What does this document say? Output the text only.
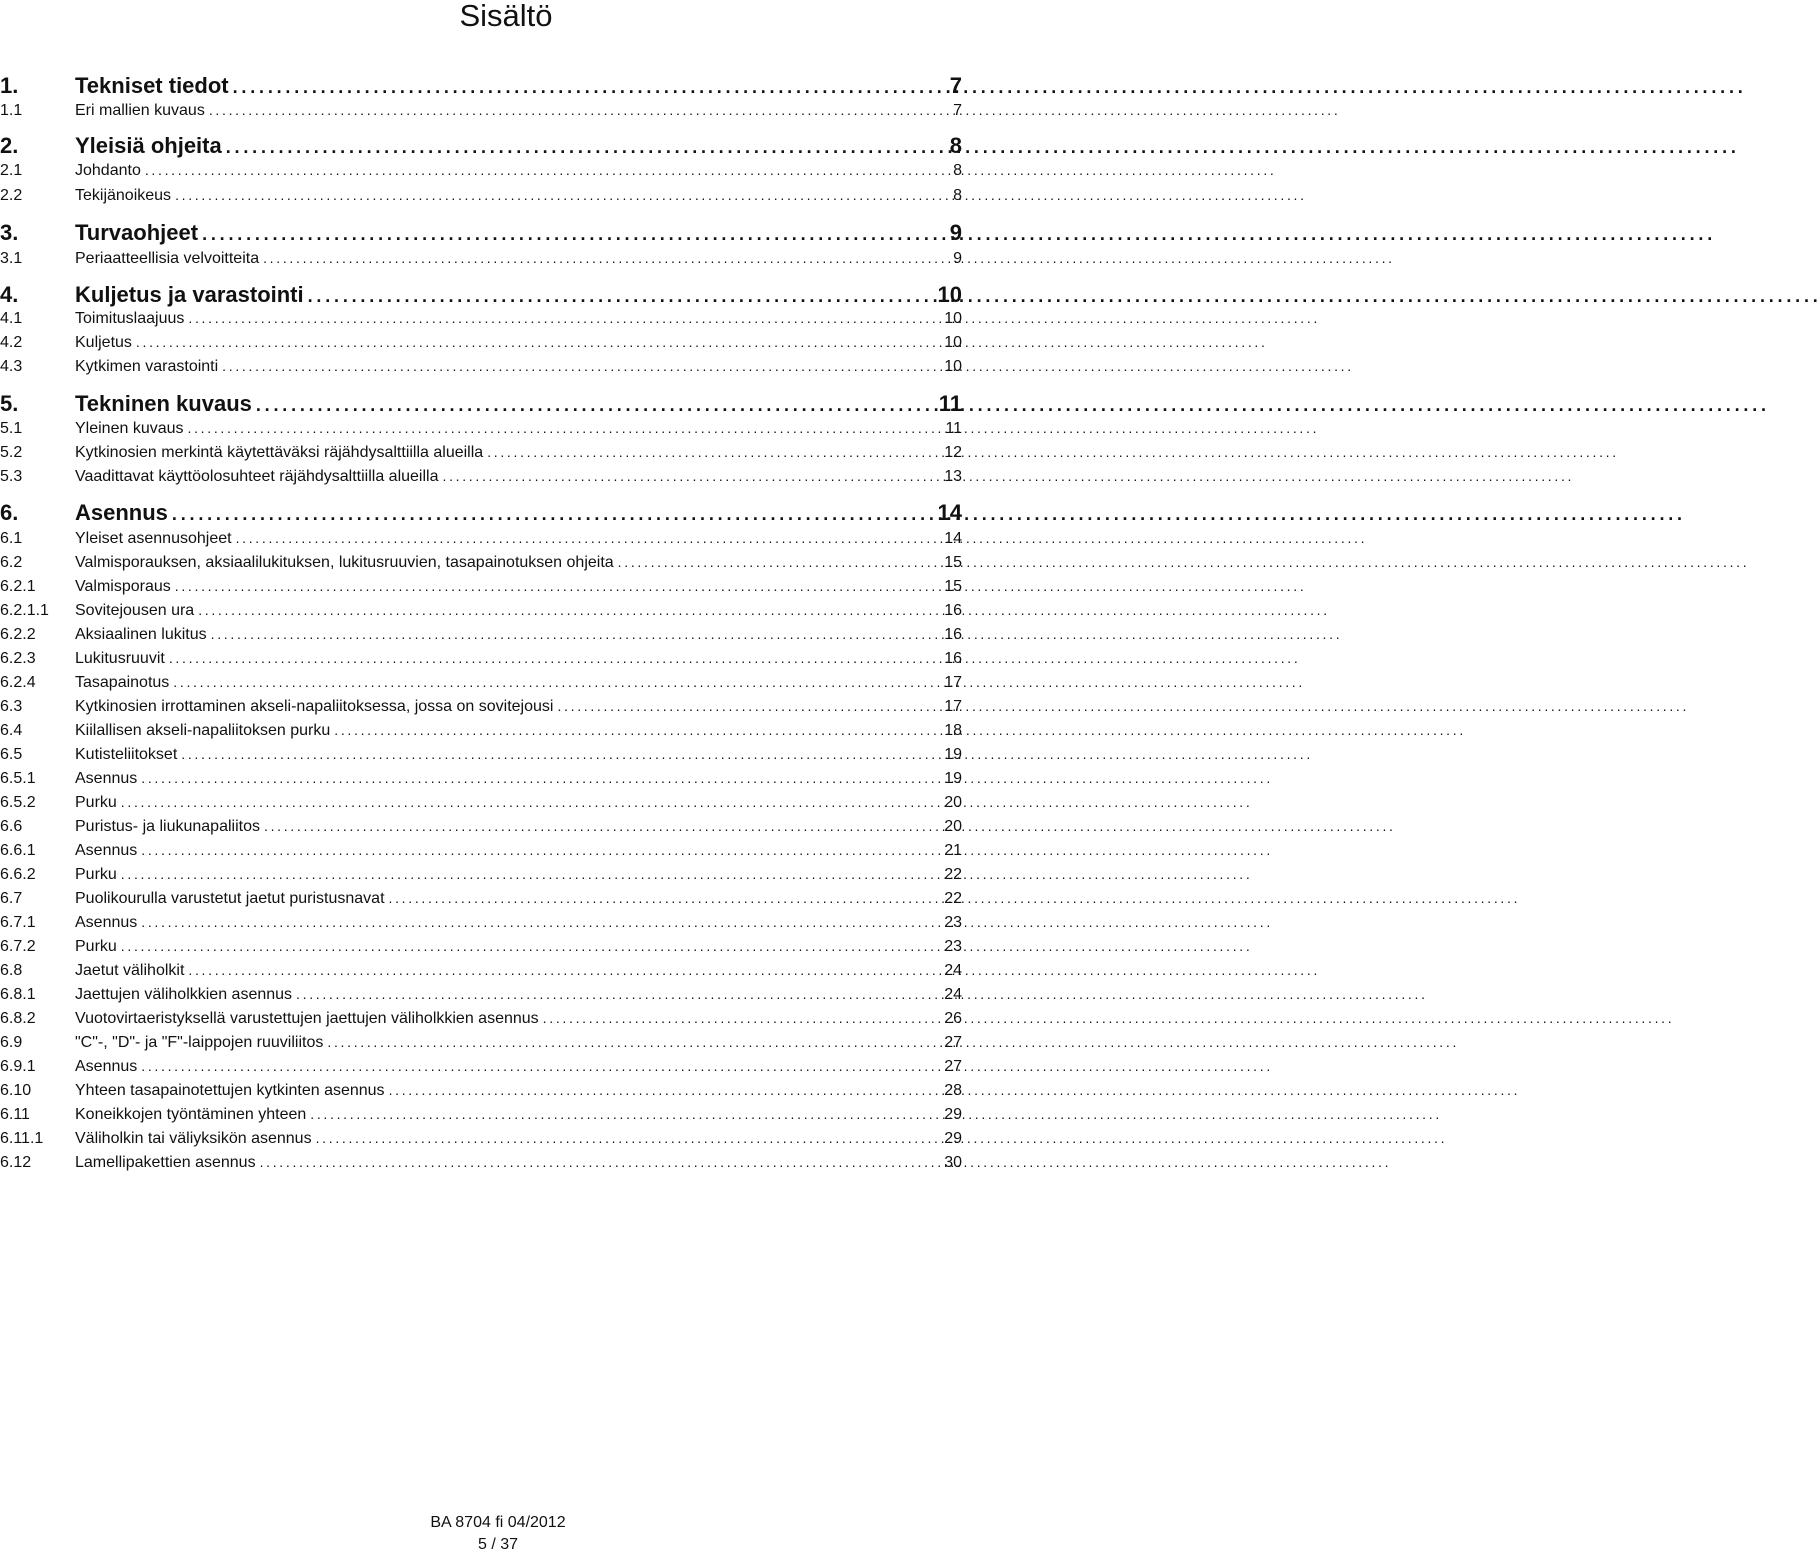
Sisältö
1.	Tekniset tiedot . . .	7
1.1	Eri mallien kuvaus . . .	7
2.	Yleisiä ohjeita . . .	8
2.1	Johdanto . . .	8
2.2	Tekijänoikeus . . .	8
3.	Turvaohjeet . . .	9
3.1	Periaatteellisia velvoitteita . . .	9
4.	Kuljetus ja varastointi . . .	10
4.1	Toimituslaajuus . . .	10
4.2	Kuljetus . . .	10
4.3	Kytkimen varastointi . . .	10
5.	Tekninen kuvaus . . .	11
5.1	Yleinen kuvaus . . .	11
5.2	Kytkinosien merkintä käytettäväksi räjähdysalttiilla alueilla . . .	12
5.3	Vaadittavat käyttöolosuhteet räjähdysalttiilla alueilla . . .	13
6.	Asennus . . .	14
6.1	Yleiset asennusohjeet . . .	14
6.2	Valmisporauksen, aksiaalilukituksen, lukitusruuvien, tasapainotuksen ohjeita . . .	15
6.2.1	Valmisporaus . . .	15
6.2.1.1	Sovitejousen ura . . .	16
6.2.2	Aksiaalinen lukitus . . .	16
6.2.3	Lukitusruuvit . . .	16
6.2.4	Tasapainotus . . .	17
6.3	Kytkinosien irrottaminen akseli-napaliitoksessa, jossa on sovitejousi . . .	17
6.4	Kiilallisen akseli-napaliitoksen purku . . .	18
6.5	Kutisteliitokset . . .	19
6.5.1	Asennus . . .	19
6.5.2	Purku . . .	20
6.6	Puristus- ja liukunapaliitos . . .	20
6.6.1	Asennus . . .	21
6.6.2	Purku . . .	22
6.7	Puolikourulla varustetut jaetut puristusnavat . . .	22
6.7.1	Asennus . . .	23
6.7.2	Purku . . .	23
6.8	Jaetut väliholkit . . .	24
6.8.1	Jaettujen väliholkkien asennus . . .	24
6.8.2	Vuotovirtaeristyksellä varustettujen jaettujen väliholkkien asennus . . .	26
6.9	"C"-, "D"- ja "F"-laippojen ruuviliitos . . .	27
6.9.1	Asennus . . .	27
6.10	Yhteen tasapainotettujen kytkinten asennus . . .	28
6.11	Koneikkojen työntäminen yhteen . . .	29
6.11.1	Väliholkin tai väliyksikön asennus . . .	29
6.12	Lamellipakettien asennus . . .	30
BA 8704 fi 04/2012
5 / 37
